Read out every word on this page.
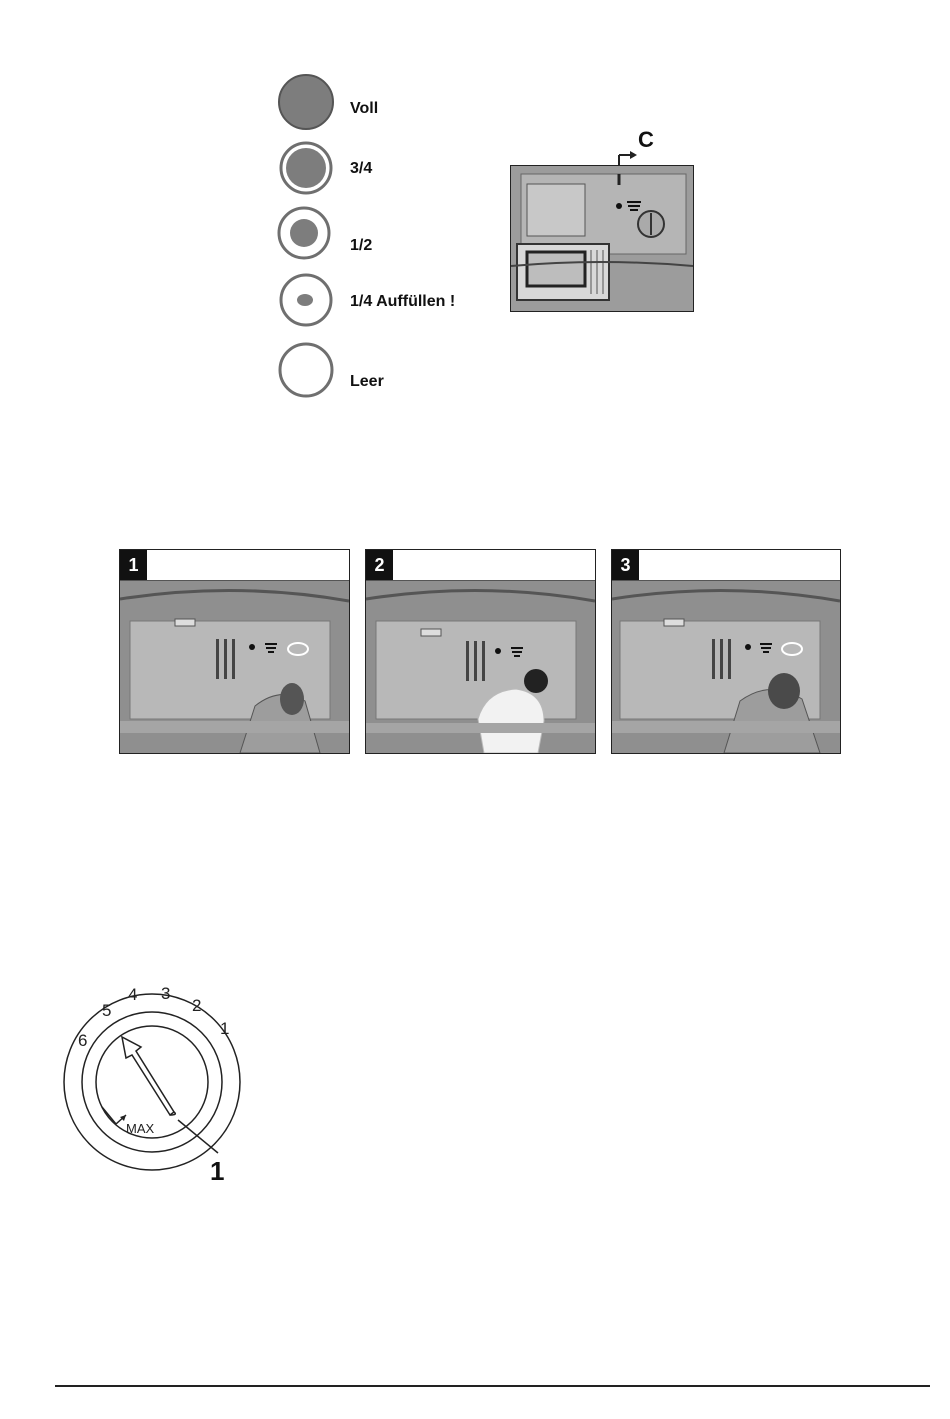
Voll
3/4
1/2
1/4 Auffüllen !
Leer
C
1	2	3
1
2
3
4
5
6
MAX
1
